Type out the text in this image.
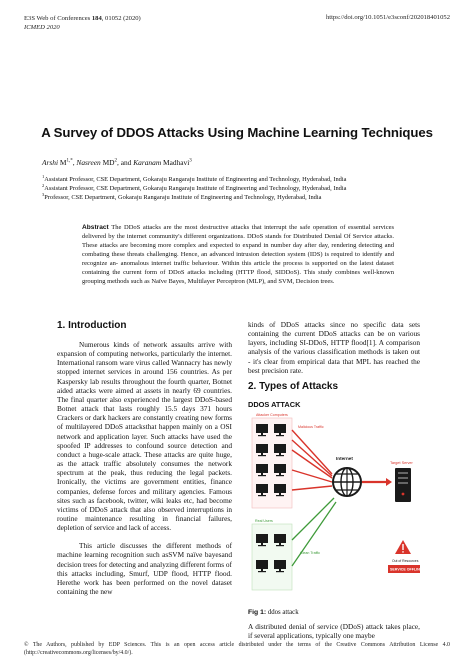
E3S Web of Conferences 184, 01052 (2020)
ICMED 2020
https://doi.org/10.1051/e3sconf/202018401052
A Survey of DDOS Attacks Using Machine Learning Techniques
Arshi $M^{1,*}$, Nasreen $MD^2$, and Karanam Madhavi$^3$
$^1$Assistant Professor, CSE Department, Gokaraju Rangaraju Institute of Engineering and Technology, Hyderabad, India
$^2$Assistant Professor, CSE Department, Gokaraju Rangaraju Institute of Engineering and Technology, Hyderabad, India
$^3$Professor, CSE Department, Gokaraju Rangaraju Institute of Engineering and Technology, Hyderabad, India
Abstract The DDoS attacks are the most destructive attacks that interrupt the safe operation of essential services delivered by the internet community's different organizations. DDoS stands for Distributed Denial Of Service attacks. These attacks are becoming more complex and expected to expand in number day after day, rendering detecting and combating these threats challenging. Hence, an advanced intrusion detection system (IDS) is required to identify and recognize an- anomalous internet traffic behaviour. Within this article the process is supported on the latest dataset containing the current form of DDoS attacks including (HTTP flood, SIDDoS). This study combines well-known grouping methods such as Naïve Bayes, Multilayer Perceptron (MLP), and SVM, Decision trees.
1. Introduction

Numerous kinds of network assaults arrive with expansion of computing networks, particularly the internet. International ransom ware virus called Wannacry has newly stopped internet services in around 156 countries. As per Kaspersky lab results throughout the fourth quarter, Botnet aided attacks were aimed at assets in nearly 69 countries. The final quarter also experienced the largest DDoS-based Botnet attack that lasts roughly 15.5 days 371 hours Crackers or dark hackers are constantly creating new forms of multilayered DDoS attacksthat happen mainly on a OSI network and application layer. Such attacks have used the spoofed IP addresses to confound source detection and conduct a huge-scale attack. These attacks are quite huge, as the attack traffic absolutely consumes the network spectrum at the peak, thus reducing the legal packets. Ironically, the victims are government entities, finance companies, defense forces and military agencies. Famous sites such as facebook, twitter, wiki leaks etc, had become victims of DDoS attack that also observed interruptions in routine maintenance resulting in financial failures, depletion of service and lack of access.

This article discusses the different methods of machine learning recognition such asSVM naïve bayesand decision trees for detecting and analyzing different forms of this attacks including, Smurf, UDP flood, HTTP flood. Herethe work has been performed on the novel dataset containing the new

kinds of DDoS attacks since no specific data sets containing the current DDoS attacks can be on various layers, including SI-DDoS, HTTP flood[1]. A comparison analysis of the various classification methods is taken out - it's clear from empirical data that MPL has reached the best precision rate.

2. Types of Attacks
DDOS ATTACK
Attacker Computers
Malicious Traffic
Real Users
Clean Traffic
Internet
Target Server
Out of Resources
SERVICE OFFLINE
Fig 1: ddos attack

A distributed denial of service (DDoS) attack takes place, if several applications, typically one maybe

© The Authors, published by EDP Sciences. This is an open access article distributed under the terms of the Creative Commons Attribution License 4.0 (http://creativecommons.org/licenses/by/4.0/).
